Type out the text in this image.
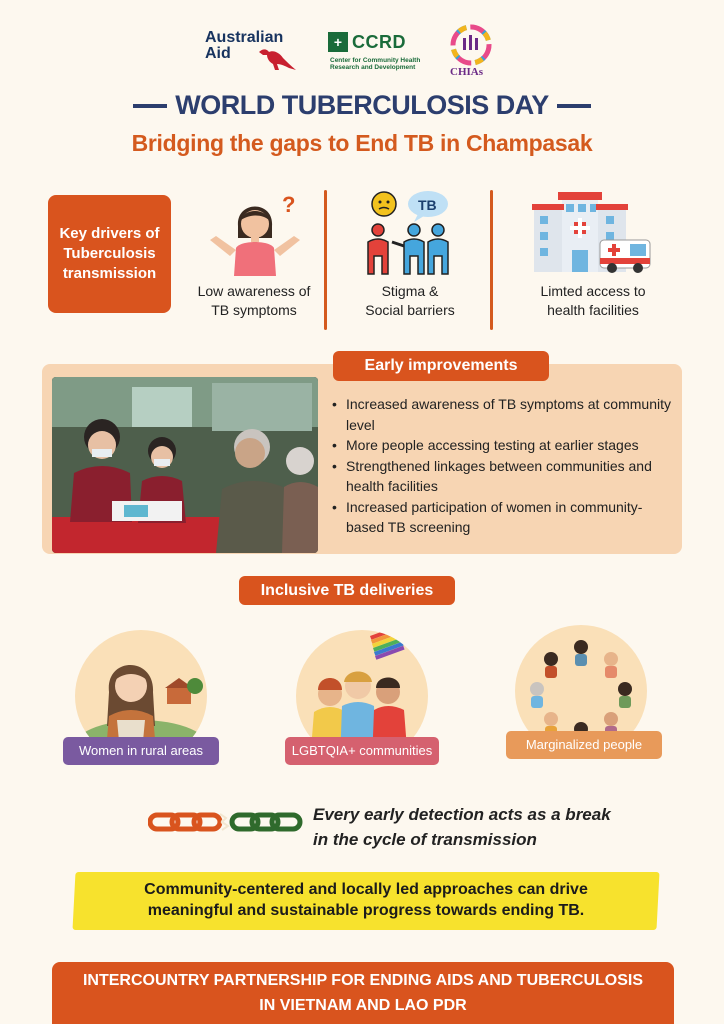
Australian Aid
+ CCRD
Center for Community Health Research and Development	CHIAs
WORLD TUBERCULOSIS DAY
Bridging the gaps to End TB in Champasak
Key drivers of Tuberculosis transmission
?
Low awareness of
TB symptoms
TB
Stigma &
Social barriers
Limted access to
health facilities
Early improvements
• Increased awareness of TB symptoms at community level
• More people accessing testing at earlier stages
• Strengthened linkages between communities and health facilities
• Increased participation of women in community-based TB screening
Inclusive TB deliveries
Women in rural areas	LGBTQIA+ communities	Marginalized people
Every early detection acts as a break
in the cycle of transmission
Community-centered and locally led approaches can drive
meaningful and sustainable progress towards ending TB.
INTERCOUNTRY PARTNERSHIP FOR ENDING AIDS AND TUBERCULOSIS
IN VIETNAM AND LAO PDR
